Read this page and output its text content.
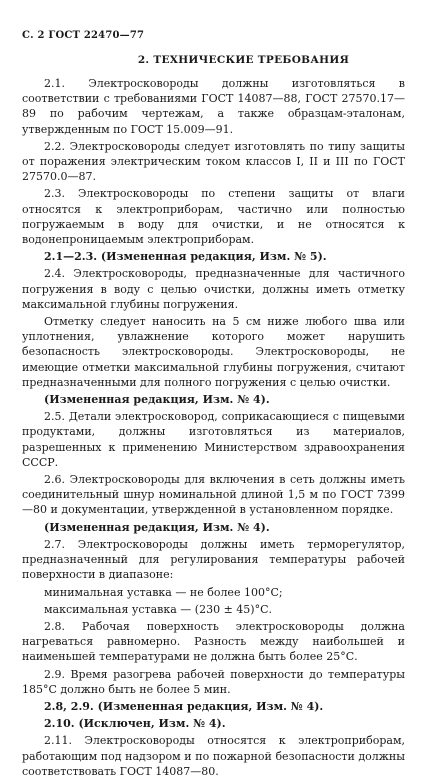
С. 2 ГОСТ 22470—77
2. ТЕХНИЧЕСКИЕ ТРЕБОВАНИЯ

2.1. Электросковороды должны изготовляться в соответствии с требованиями ГОСТ 14087—88, ГОСТ 27570.17—89 по рабочим чертежам, а также образцам-эталонам, утвержденным по ГОСТ 15.009—91.

2.2. Электросковороды следует изготовлять по типу защиты от поражения электрическим током классов I, II и III по ГОСТ 27570.0—87.

2.3. Электросковороды по степени защиты от влаги относятся к электроприборам, частично или полностью погружаемым в воду для очистки, и не относятся к водонепроницаемым электроприборам.

2.1—2.3. (Измененная редакция, Изм. № 5).

2.4. Электросковороды, предназначенные для частичного погружения в воду с целью очистки, должны иметь отметку максимальной глубины погружения.

Отметку следует наносить на 5 см ниже любого шва или уплотнения, увлажнение которого может нарушить безопасность электросковороды. Электросковороды, не имеющие отметки максимальной глубины погружения, считают предназначенными для полного погружения с целью очистки.

(Измененная редакция, Изм. № 4).

2.5. Детали электросковород, соприкасающиеся с пищевыми продуктами, должны изготовляться из материалов, разрешенных к применению Министерством здравоохранения СССР.

2.6. Электросковороды для включения в сеть должны иметь соединительный шнур номинальной длиной 1,5 м по ГОСТ 7399—80 и документации, утвержденной в установленном порядке.

(Измененная редакция, Изм. № 4).

2.7. Электросковороды должны иметь терморегулятор, предназначенный для регулирования температуры рабочей поверхности в диапазоне:

минимальная уставка — не более 100°С;

максимальная уставка — (230 ± 45)°С.

2.8. Рабочая поверхность электросковороды должна нагреваться равномерно. Разность между наибольшей и наименьшей температурами не должна быть более 25°С.

2.9. Время разогрева рабочей поверхности до температуры 185°С должно быть не более 5 мин.

2.8, 2.9. (Измененная редакция, Изм. № 4).

2.10. (Исключен, Изм. № 4).

2.11. Электросковороды относятся к электроприборам, работающим под надзором и по пожарной безопасности должны соответствовать ГОСТ 14087—80.
